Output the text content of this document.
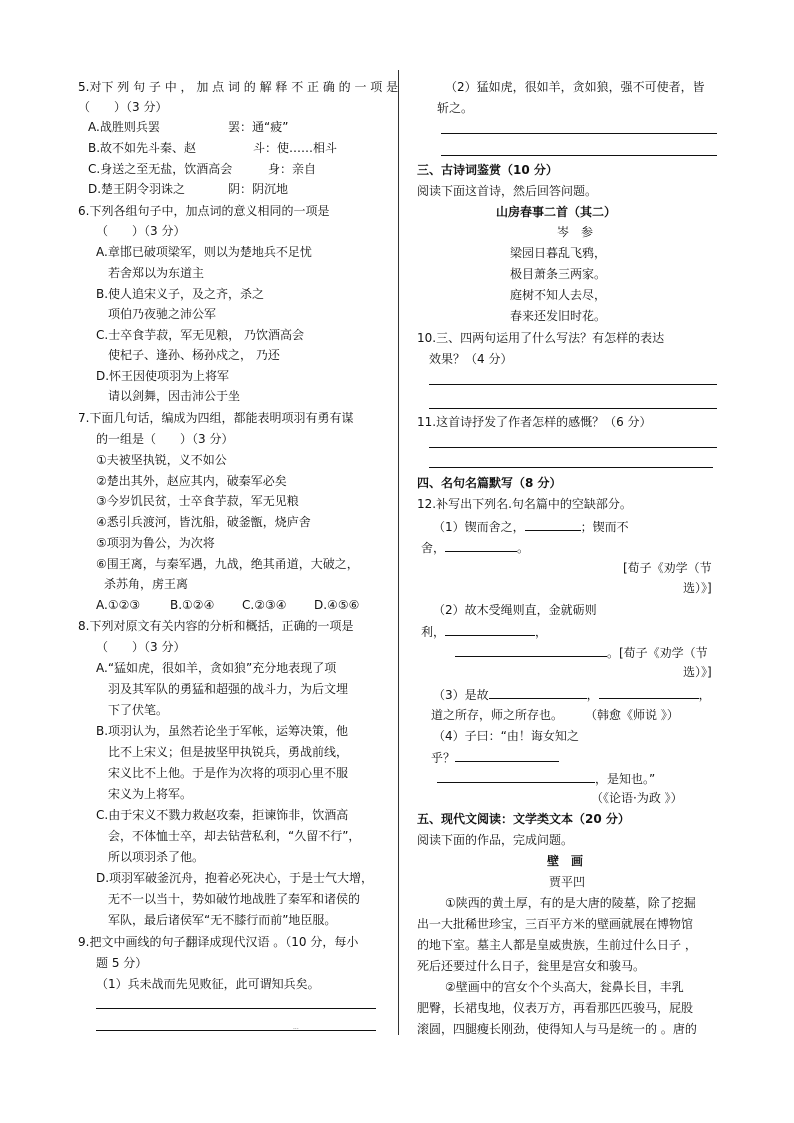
5.对下 列 句 子 中 ， 加 点 词 的 解 释 不 正 确 的 一 项 是
（　　）（3 分）
A.战胜则兵罢	罢：通“疲”
B.故不如先斗秦、赵	斗：使……相斗
C.身送之至无盐，饮酒高会	身：亲自
D.楚王阴令羽诛之	阴：阴沉地
6.下列各组句子中，加点词的意义相同的一项是
（　　）（3 分）
A.章邯已破项梁军，则以为楚地兵不足忧
若舍郑以为东道主
B.使人追宋义子，及之齐，杀之
项伯乃夜驰之沛公军
C.士卒食芋菽，军无见粮， 乃饮酒高会
使杞子、逢孙、杨孙戍之， 乃还
D.怀王因使项羽为上将军
请以剑舞，因击沛公于坐
7.下面几句话，编成为四组，都能表明项羽有勇有谋
的一组是（　　）（3 分）
①夫被坚执锐，义不如公
②楚出其外，赵应其内，破秦军必矣
③今岁饥民贫，士卒食芋菽，军无见粮
④悉引兵渡河，皆沈船，破釜甑，烧庐舍
⑤项羽为鲁公，为次将
⑥围王离，与秦军遇，九战，绝其甬道，大破之，
杀苏角，虏王离
A.①②③ B.①②④ C.②③④ D.④⑤⑥
8.下列对原文有关内容的分析和概括，正确的一项是
（　　）（3 分）
A.“猛如虎，很如羊，贪如狼”充分地表现了项
羽及其军队的勇猛和超强的战斗力，为后文埋
下了伏笔。
B.项羽认为，虽然若论坐于军帐，运筹决策，他
比不上宋义；但是披坚甲执锐兵，勇战前线，
宋义比不上他。于是作为次将的项羽心里不服
宋义为上将军。
C.由于宋义不戮力救赵攻秦，拒谏饰非，饮酒高
会，不体恤士卒，却去钻营私利，“久留不行”，
所以项羽杀了他。
D.项羽军破釜沉舟，抱着必死决心，于是士气大增，
无不一以当十，势如破竹地战胜了秦军和诸侯的
军队，最后诸侯军“无不膝行而前”地臣服。
9.把文中画线的句子翻译成现代汉语 。（10 分，每小
题 5 分）
（1）兵未战而先见败征，此可谓知兵矣。
...
（2）猛如虎，很如羊，贪如狼，强不可使者，皆
斩之。
三、古诗词鉴赏（10 分）
阅读下面这首诗，然后回答问题。
山房春事二首（其二）
岑　参
梁园日暮乱飞鸦，
极目萧条三两家。
庭树不知人去尽，
春来还发旧时花。
10.三、四两句运用了什么写法？有怎样的表达
效果？（4 分）
11.这首诗抒发了作者怎样的感慨？（6 分）
四、名句名篇默写（8 分）
12.补写出下列名.句名篇中的空缺部分。
（1）锲而舍之，	；锲而不
舍，	。
[荀子《劝学（节
选）》]
（2）故木受绳则直，金就砺则
利，	，
。[荀子《劝学（节
选）》]
（3）是故	，	，
道之所存，师之所存也。 （韩愈《师说 》）
（4）子曰：“由！诲女知之
乎？
，是知也。”
（《论语·为政 》）
五、现代文阅读：文学类文本（20 分）
阅读下面的作品，完成问题。
壁　画
贾平凹
①陕西的黄土厚，有的是大唐的陵墓，除了挖掘
出一大批稀世珍宝，三百平方米的壁画就展在博物馆
的地下室。墓主人都是皇威贵族，生前过什么日子 ，
死后还要过什么日子，瓮里是宫女和骏马。
②壁画中的宫女个个头高大，瓮鼻长目，丰乳
肥臀，长裙曳地，仪表万方，再看那匹匹骏马，屁股
滚圆，四腿瘦长刚劲，使得知人与马是统一的 。唐的
